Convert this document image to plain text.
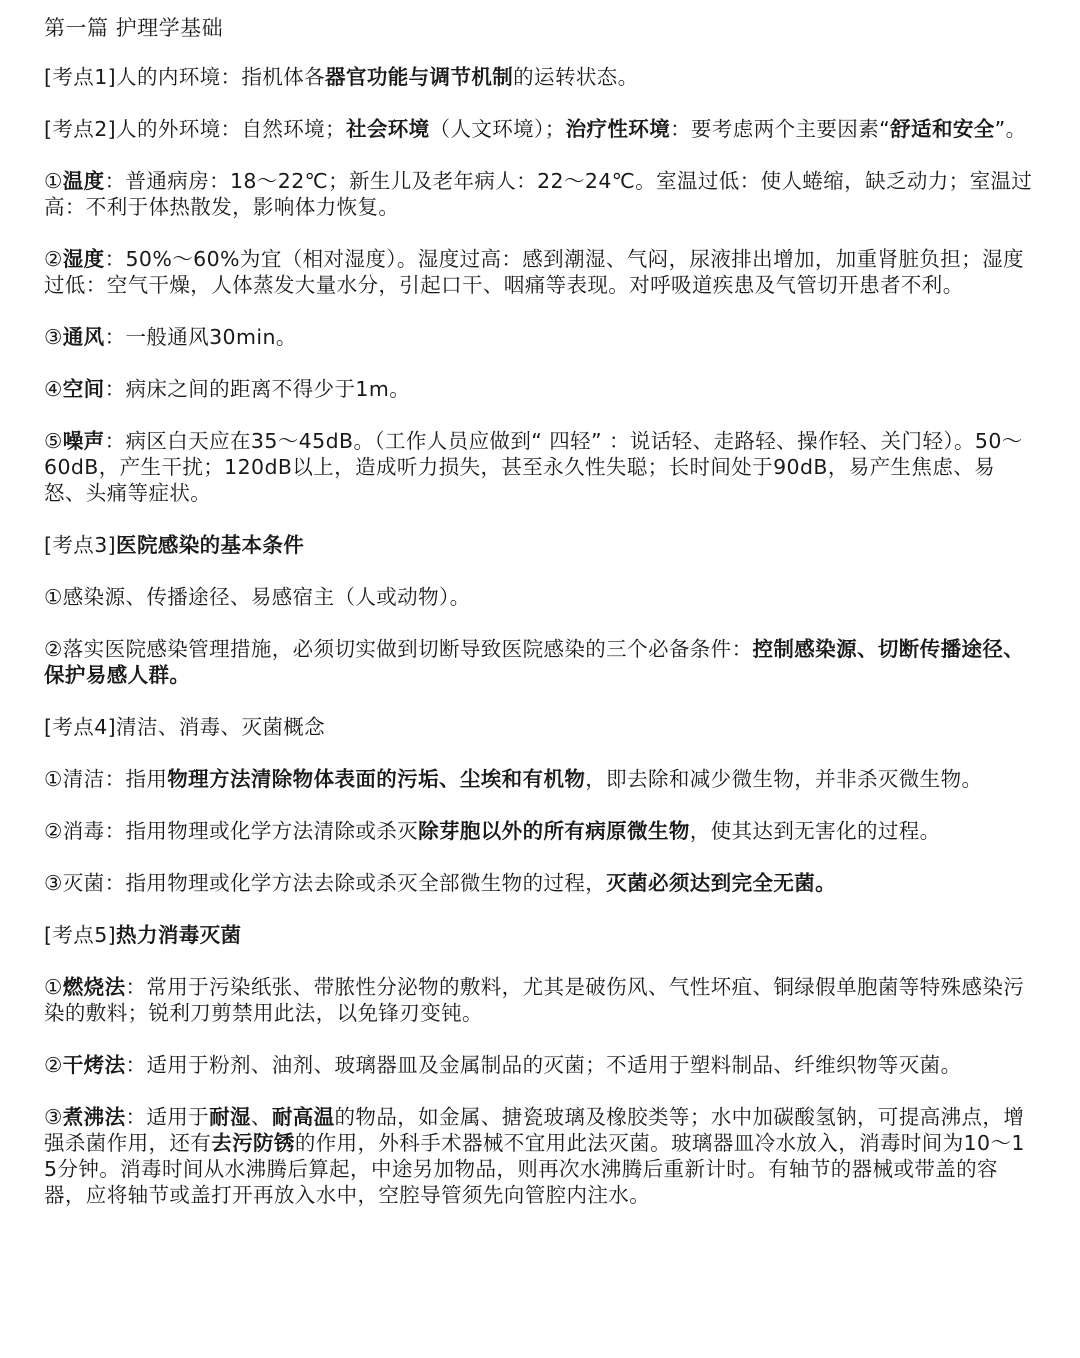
第一篇 护理学基础
[考点1]人的内环境：指机体各器官功能与调节机制的运转状态。
[考点2]人的外环境：自然环境；社会环境（人文环境）；治疗性环境：要考虑两个主要因素“舒适和安全”。
①温度：普通病房：18～22℃；新生儿及老年病人：22～24℃。室温过低：使人蜷缩，缺乏动力；室温过高：不利于体热散发，影响体力恢复。
②湿度：50%～60%为宜（相对湿度）。湿度过高：感到潮湿、气闷，尿液排出增加，加重肾脏负担；湿度过低：空气干燥，人体蒸发大量水分，引起口干、咽痛等表现。对呼吸道疾患及气管切开患者不利。
③通风：一般通风30min。
④空间：病床之间的距离不得少于1m。
⑤噪声：病区白天应在35～45dB。（工作人员应做到“ 四轻” ：说话轻、走路轻、操作轻、关门轻）。50～60dB，产生干扰；120dB以上，造成听力损失，甚至永久性失聪；长时间处于90dB，易产生焦虑、易怒、头痛等症状。
[考点3]医院感染的基本条件
①感染源、传播途径、易感宿主（人或动物）。
②落实医院感染管理措施，必须切实做到切断导致医院感染的三个必备条件：控制感染源、切断传播途径、保护易感人群。
[考点4]清洁、消毒、灭菌概念
①清洁：指用物理方法清除物体表面的污垢、尘埃和有机物，即去除和减少微生物，并非杀灭微生物。
②消毒：指用物理或化学方法清除或杀灭除芽胞以外的所有病原微生物，使其达到无害化的过程。
③灭菌：指用物理或化学方法去除或杀灭全部微生物的过程，灭菌必须达到完全无菌。
[考点5]热力消毒灭菌
①燃烧法：常用于污染纸张、带脓性分泌物的敷料，尤其是破伤风、气性坏疽、铜绿假单胞菌等特殊感染污染的敷料；锐利刀剪禁用此法，以免锋刃变钝。
②干烤法：适用于粉剂、油剂、玻璃器皿及金属制品的灭菌；不适用于塑料制品、纤维织物等灭菌。
③煮沸法：适用于耐湿、耐高温的物品，如金属、搪瓷玻璃及橡胶类等；水中加碳酸氢钠，可提高沸点，增强杀菌作用，还有去污防锈的作用，外科手术器械不宜用此法灭菌。玻璃器皿冷水放入，消毒时间为10～15分钟。消毒时间从水沸腾后算起，中途另加物品，则再次水沸腾后重新计时。有轴节的器械或带盖的容器，应将轴节或盖打开再放入水中，空腔导管须先向管腔内注水。
